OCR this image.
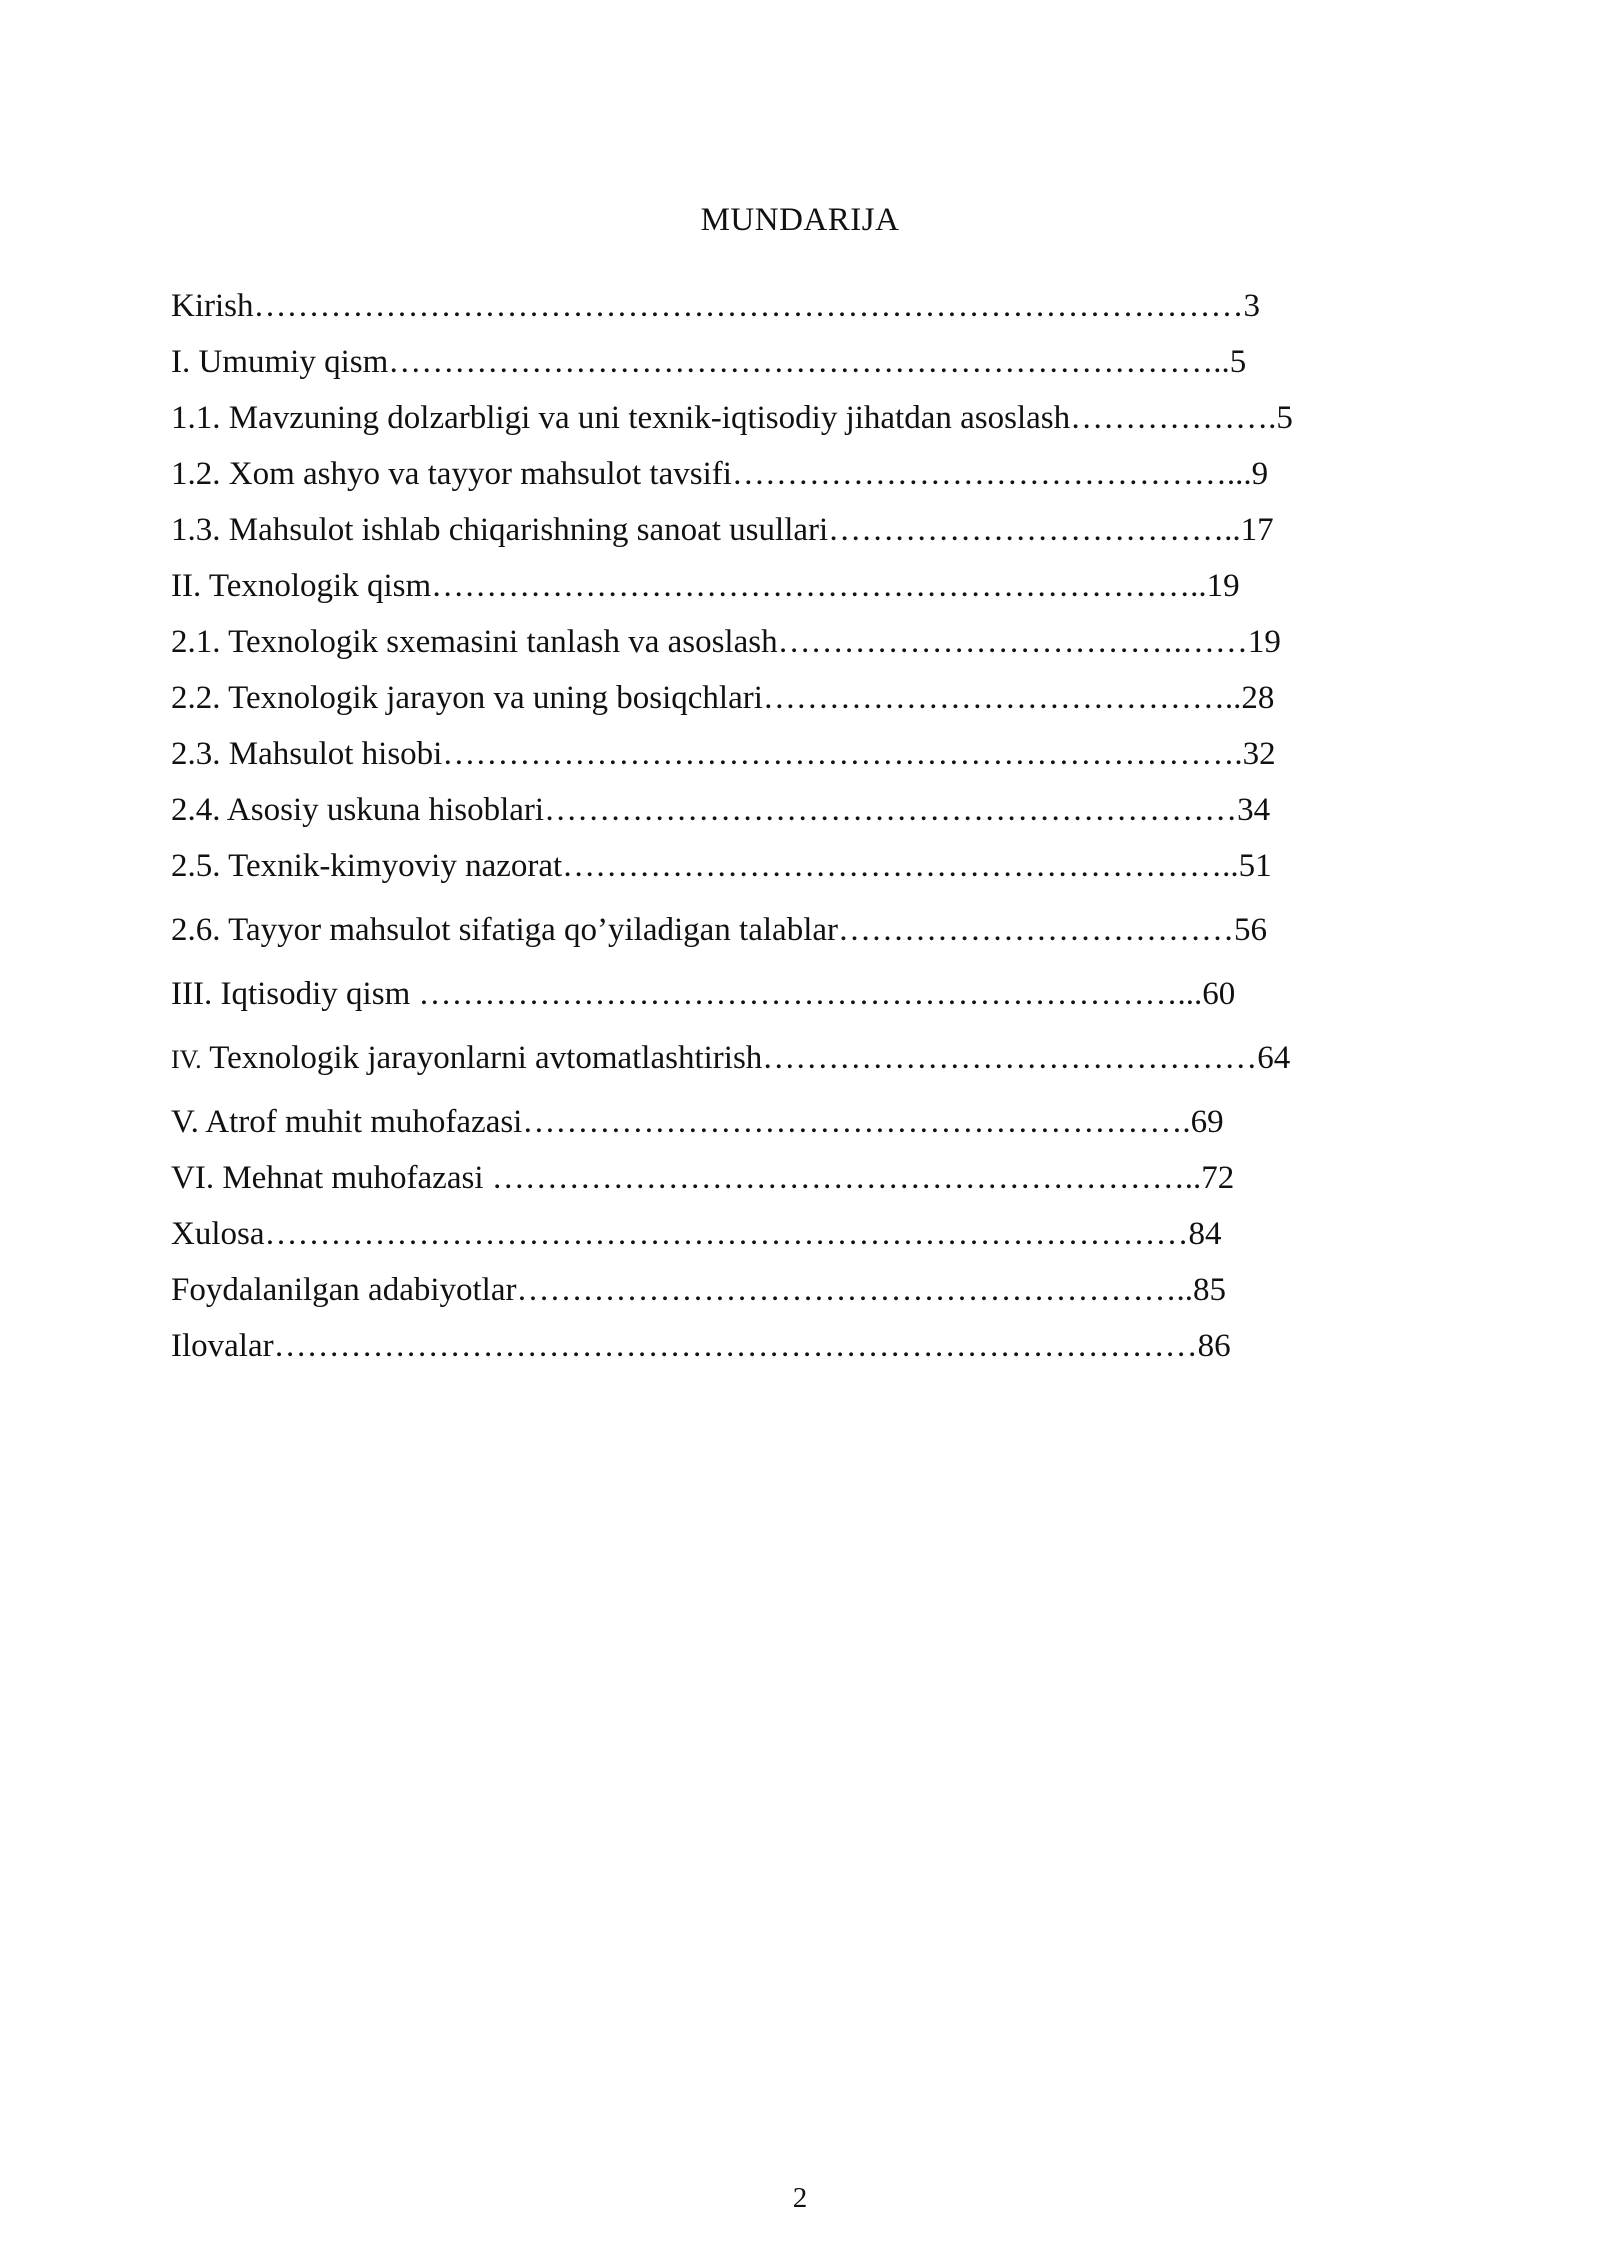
MUNDARIJA
Kirish………………………………………………………………………………3
I. Umumiy qism…………………………………………………………………..5
1.1. Mavzuning dolzarbligi va uni texnik-iqtisodiy jihatdan asoslash……………….5
1.2. Xom ashyo va tayyor mahsulot tavsifi………………………………………...9
1.3. Mahsulot ishlab chiqarishning sanoat usullari………………………………..17
II. Texnologik qism……………………………………………………………..19
2.1. Texnologik sxemasini tanlash va asoslash……………………………….……19
2.2. Texnologik jarayon va uning bosiqchlari……………………………………..28
2.3. Mahsulot hisobi……………………………………………………………….32
2.4. Asosiy uskuna hisoblari………………………………………………………34
2.5. Texnik-kimyoviy nazorat……………………………………………………..51
2.6. Tayyor mahsulot sifatiga qo’yiladigan talablar………………………………56
III. Iqtisodiy qism ……………………………………………………………...60
IV. Texnologik jarayonlarni avtomatlashtirish………………………………………64
V. Atrof muhit muhofazasi…………………………………………………….69
VI. Mehnat muhofazasi ………………………………………………………..72
Xulosa…………………………………………………………………………84
Foydalanilgan adabiyotlar……………………………………………………..85
Ilovalar…………………………………………………………………………86
2
